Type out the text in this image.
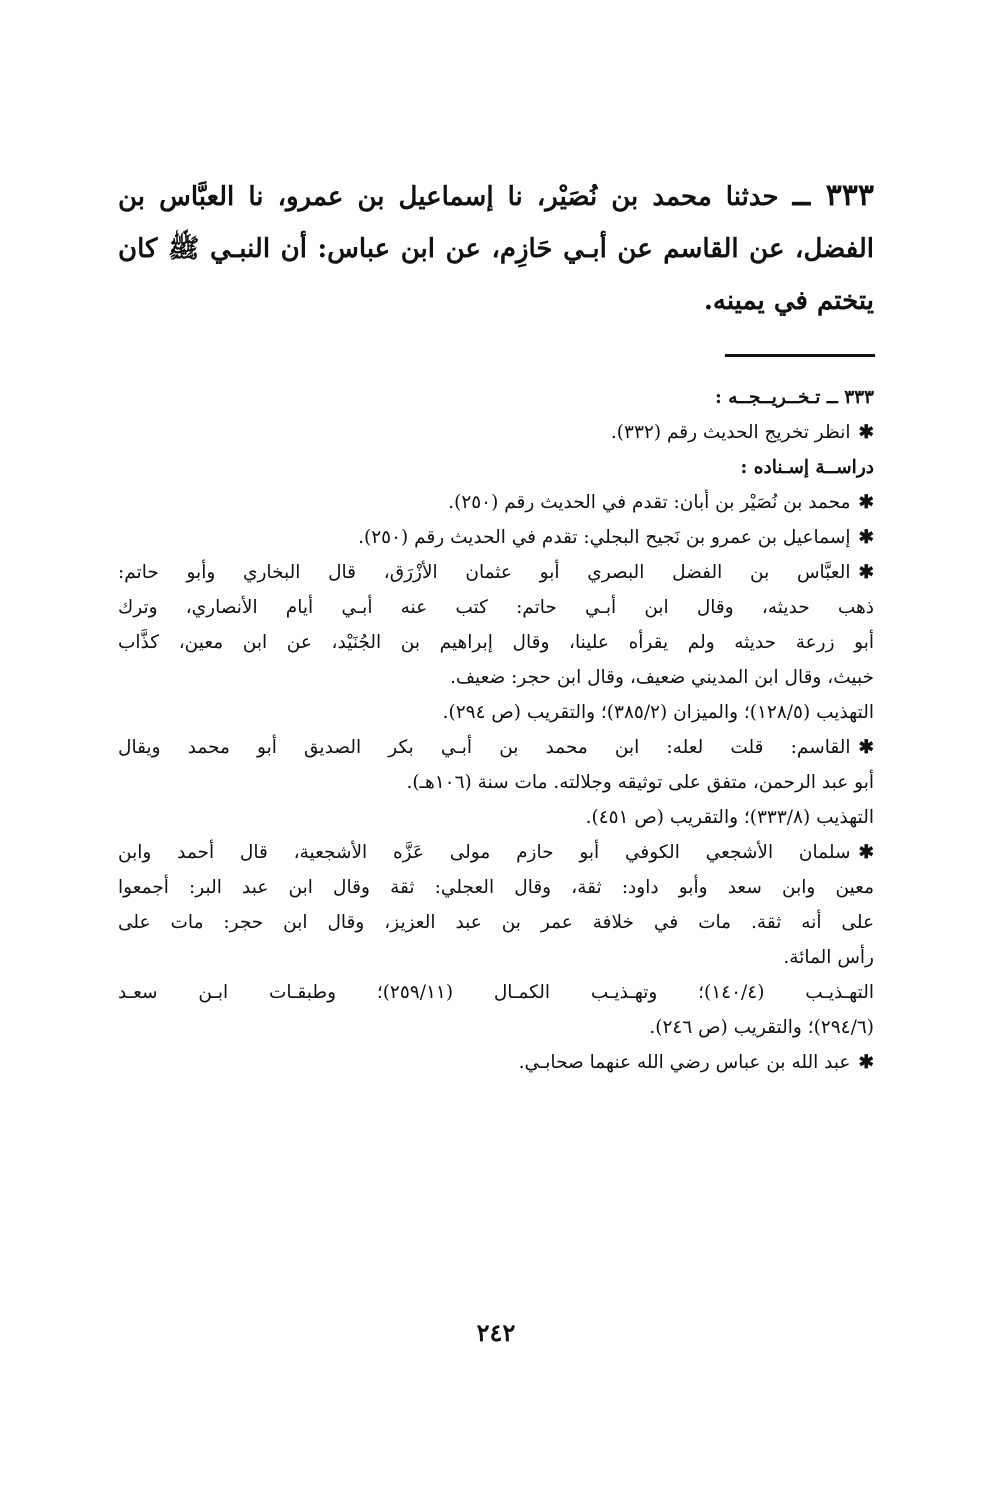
٣٣٣ ــ حدثنا محمد بن نُصَيْر، نا إسماعيل بن عمرو، نا العبَّاس بن الفضل، عن القاسم عن أبـي حَازِم، عن ابن عباس: أن النبـي ﷺ كان يتختم في يمينه.

٣٣٣ ــ تـخــريــجــه :

✱انظر تخريج الحديث رقم (٣٣٢).

دراســة إسـناده :

✱محمد بن نُصَيْر بن أبان: تقدم في الحديث رقم (٢٥٠).

✱إسماعيل بن عمرو بن نَجيح البجلي: تقدم في الحديث رقم (٢٥٠).

✱العبَّاس بن الفضل البصري أبو عثمان الأزْرَق، قال البخاري وأبو حاتم:

ذهب حديثه، وقال ابن أبـي حاتم: كتب عنه أبـي أيام الأنصاري، وترك

أبو زرعة حديثه ولم يقرأه علينا، وقال إبراهيم بن الجُنَيْد، عن ابن معين، كذَّاب

خبيث، وقال ابن المديني ضعيف، وقال ابن حجر: ضعيف.

التهذيب (١٢٨/٥)؛ والميزان (٣٨٥/٢)؛ والتقريب (ص ٢٩٤).

✱القاسم: قلت لعله: ابن محمد بن أبـي بكر الصديق أبو محمد ويقال

أبو عبد الرحمن، متفق على توثيقه وجلالته. مات سنة (١٠٦هـ).

التهذيب (٣٣٣/٨)؛ والتقريب (ص ٤٥١).

✱سلمان الأشجعي الكوفي أبو حازم مولى عَزَّه الأشجعية، قال أحمد وابن

معين وابن سعد وأبو داود: ثقة، وقال العجلي: ثقة وقال ابن عبد البر: أجمعوا

على أنه ثقة. مات في خلافة عمر بن عبد العزيز، وقال ابن حجر: مات على

رأس المائة.

التهـذيـب (١٤٠/٤)؛ وتهـذيـب الكمـال (٢٥٩/١١)؛ وطبقـات ابـن سعـد

(٢٩٤/٦)؛ والتقريب (ص ٢٤٦).

✱عبد الله بن عباس رضي الله عنهما صحابـي.

٢٤٢
